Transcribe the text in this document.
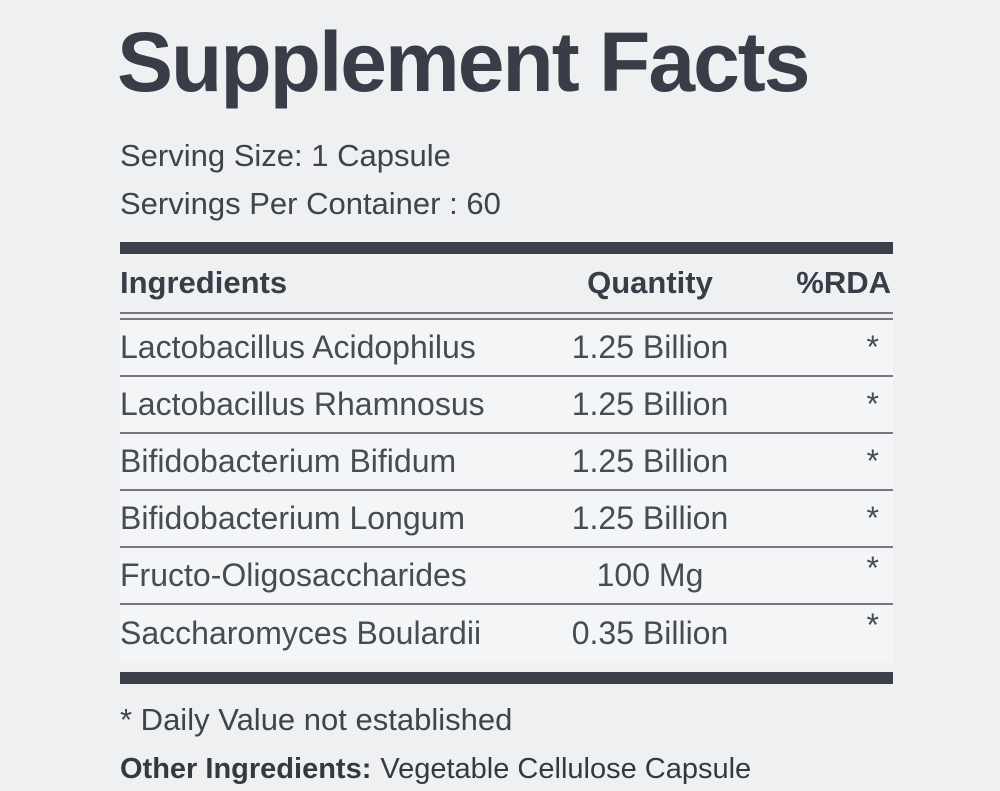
Supplement Facts
Serving Size: 1 Capsule
Servings Per Container : 60
Ingredients	Quantity	%RDA
Lactobacillus Acidophilus	1.25 Billion	*
Lactobacillus Rhamnosus	1.25 Billion	*
Bifidobacterium Bifidum	1.25 Billion	*
Bifidobacterium Longum	1.25 Billion	*
Fructo-Oligosaccharides	100 Mg	*
Saccharomyces Boulardii	0.35 Billion	*
* Daily Value not established
Other Ingredients: Vegetable Cellulose Capsule
